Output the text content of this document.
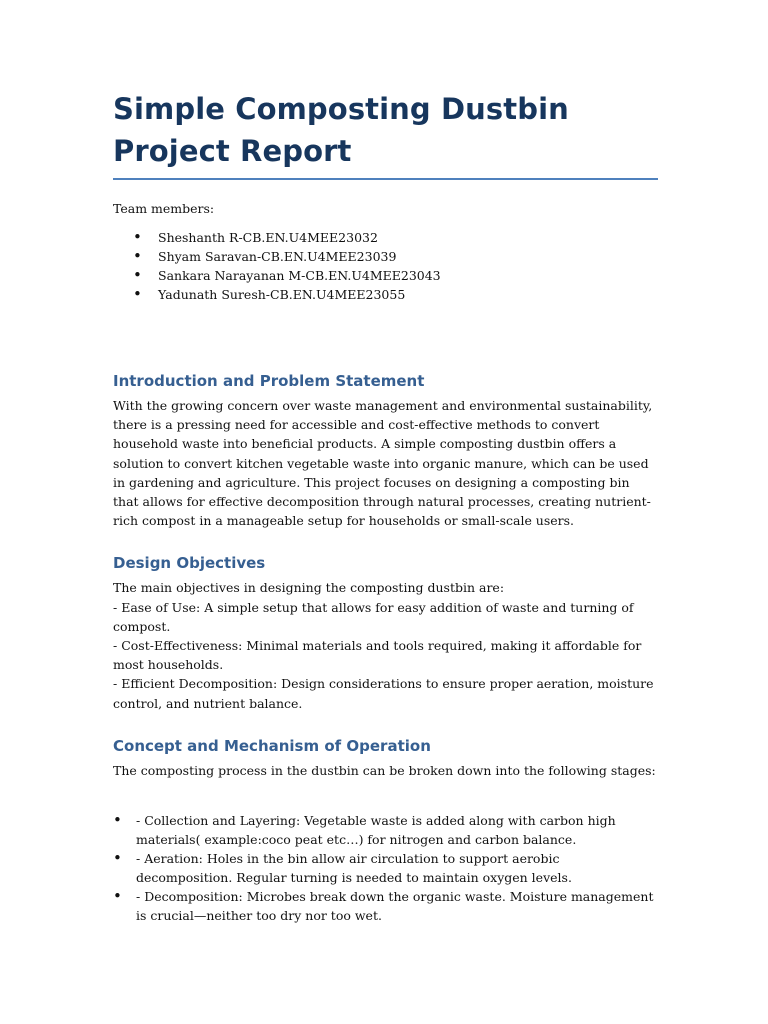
Simple Composting Dustbin Project Report
Team members:
• Sheshanth R-CB.EN.U4MEE23032
• Shyam Saravan-CB.EN.U4MEE23039
• Sankara Narayanan M-CB.EN.U4MEE23043
• Yadunath Suresh-CB.EN.U4MEE23055
Introduction and Problem Statement

With the growing concern over waste management and environmental sustainability, there is a pressing need for accessible and cost-effective methods to convert household waste into beneficial products. A simple composting dustbin offers a solution to convert kitchen vegetable waste into organic manure, which can be used in gardening and agriculture. This project focuses on designing a composting bin that allows for effective decomposition through natural processes, creating nutrient-rich compost in a manageable setup for households or small-scale users.

Design Objectives

The main objectives in designing the composting dustbin are:

- Ease of Use: A simple setup that allows for easy addition of waste and turning of compost.

- Cost-Effectiveness: Minimal materials and tools required, making it affordable for most households.

- Efficient Decomposition: Design considerations to ensure proper aeration, moisture control, and nutrient balance.

Concept and Mechanism of Operation

The composting process in the dustbin can be broken down into the following stages:

• - Collection and Layering: Vegetable waste is added along with carbon high materials( example:coco peat etc…) for nitrogen and carbon balance.
• - Aeration: Holes in the bin allow air circulation to support aerobic decomposition. Regular turning is needed to maintain oxygen levels.
• - Decomposition: Microbes break down the organic waste. Moisture management is crucial—neither too dry nor too wet.
